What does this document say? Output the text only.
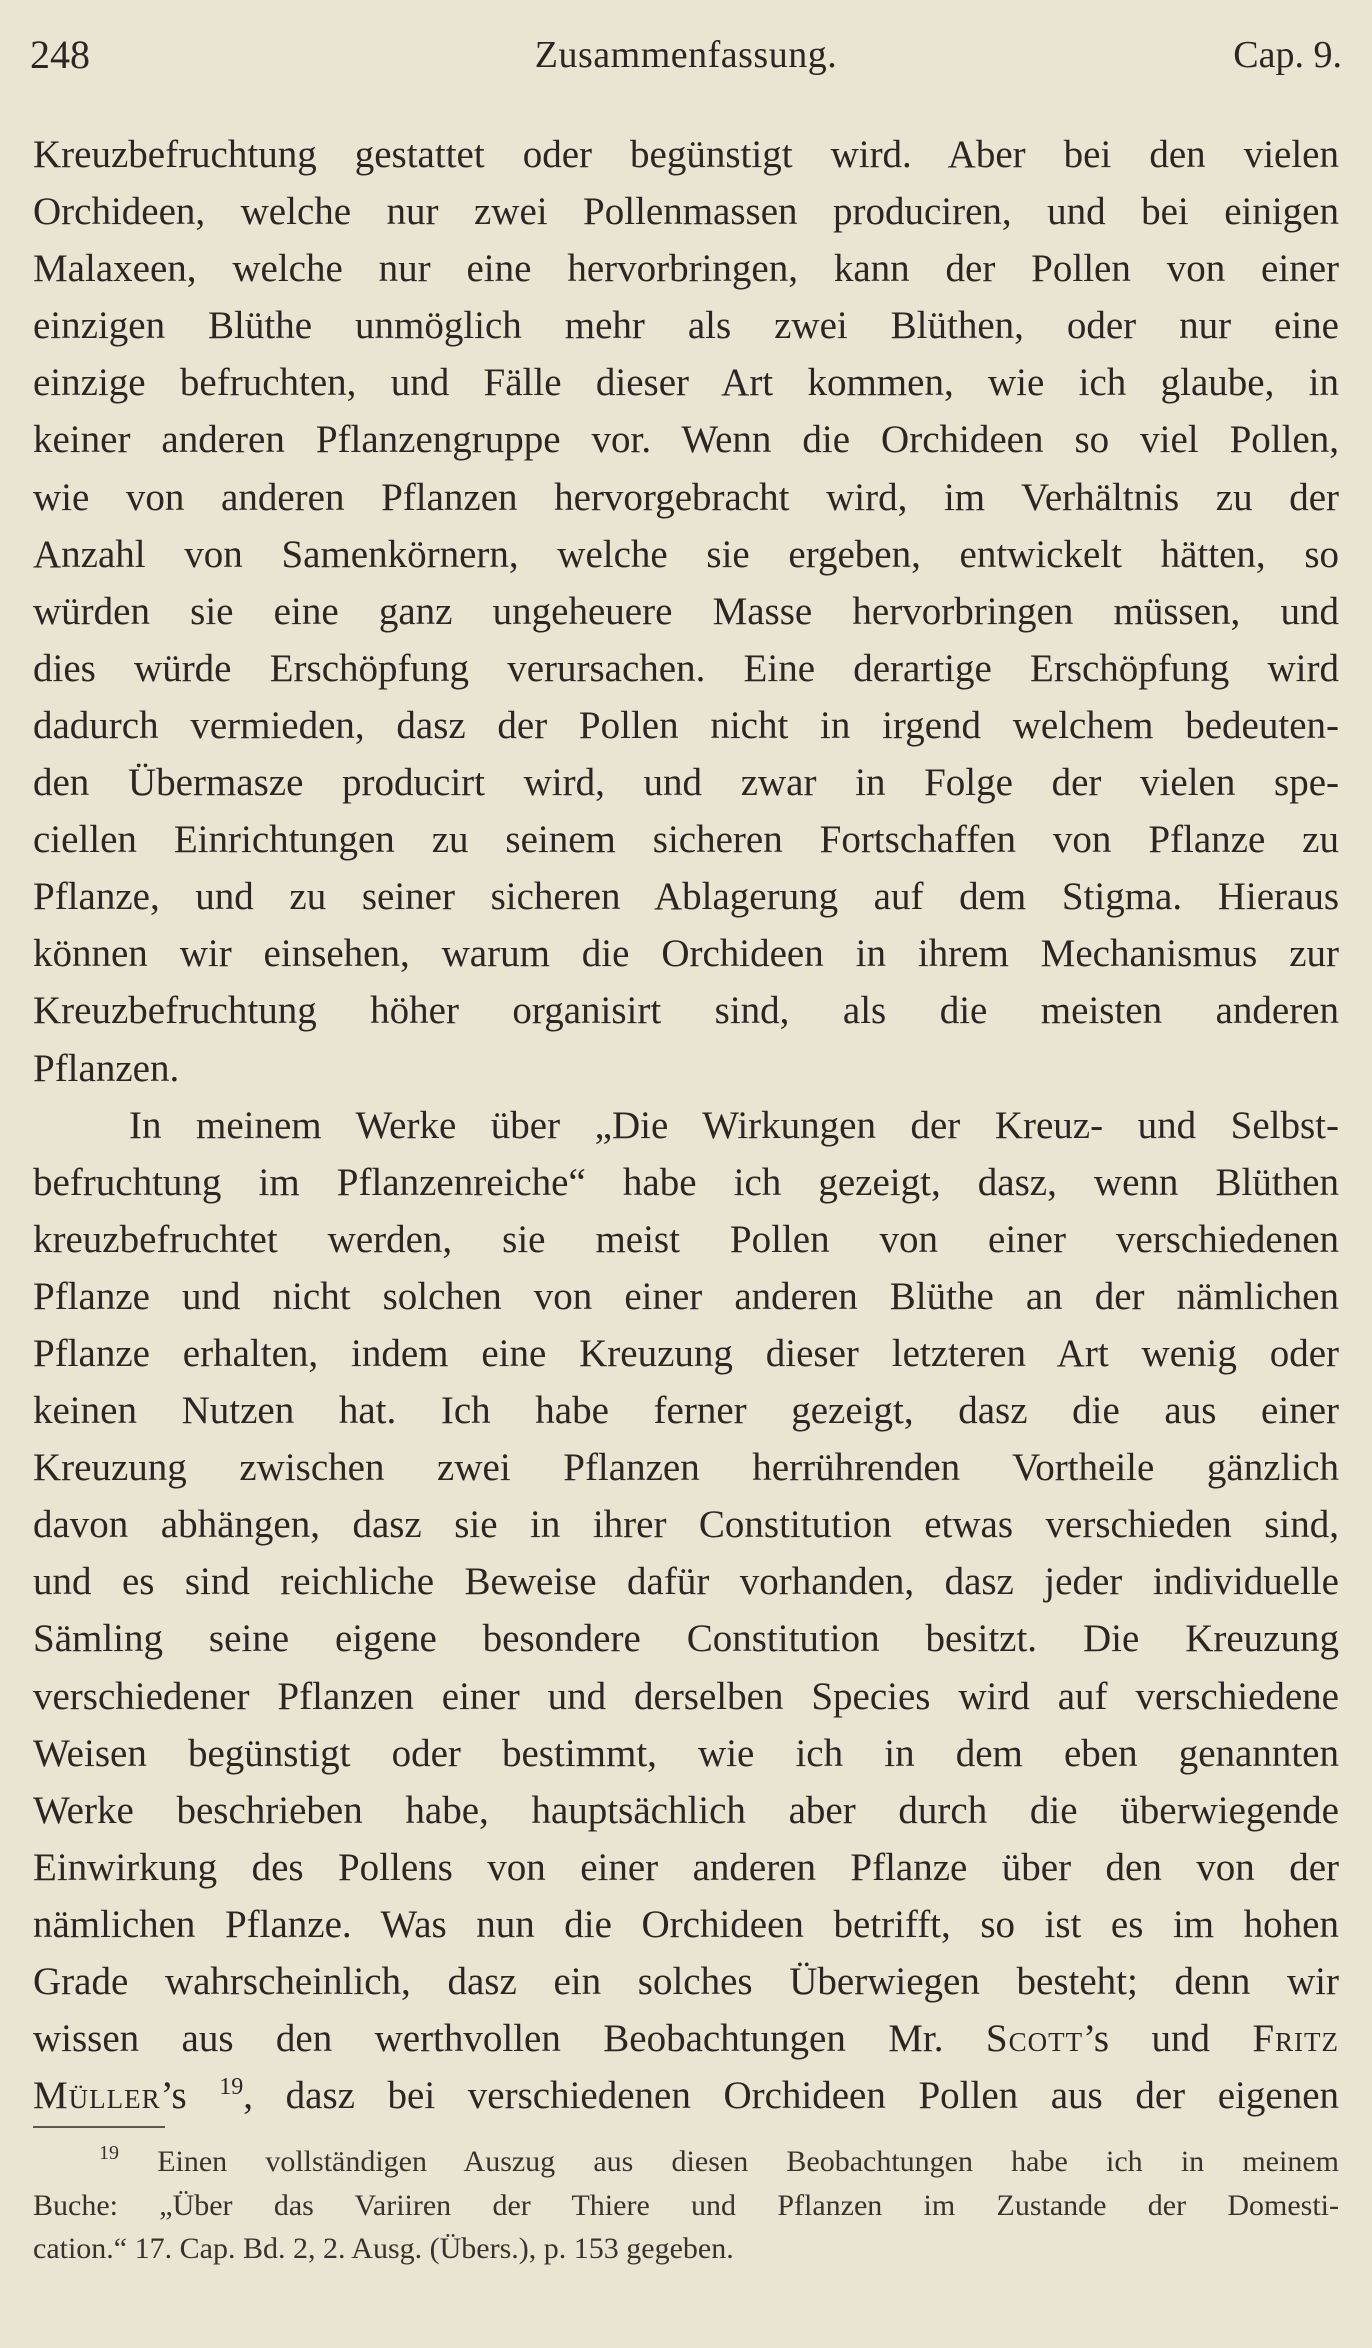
248	Zusammenfassung.	Cap. 9.
Kreuzbefruchtung gestattet oder begünstigt wird. Aber bei den vielen
Orchideen, welche nur zwei Pollenmassen produciren, und bei einigen
Malaxeen, welche nur eine hervorbringen, kann der Pollen von einer
einzigen Blüthe unmöglich mehr als zwei Blüthen, oder nur eine
einzige befruchten, und Fälle dieser Art kommen, wie ich glaube, in
keiner anderen Pflanzengruppe vor. Wenn die Orchideen so viel Pollen,
wie von anderen Pflanzen hervorgebracht wird, im Verhältnis zu der
Anzahl von Samenkörnern, welche sie ergeben, entwickelt hätten, so
würden sie eine ganz ungeheuere Masse hervorbringen müssen, und
dies würde Erschöpfung verursachen. Eine derartige Erschöpfung wird
dadurch vermieden, dasz der Pollen nicht in irgend welchem bedeuten-
den Übermasze producirt wird, und zwar in Folge der vielen spe-
ciellen Einrichtungen zu seinem sicheren Fortschaffen von Pflanze zu
Pflanze, und zu seiner sicheren Ablagerung auf dem Stigma. Hieraus
können wir einsehen, warum die Orchideen in ihrem Mechanismus zur
Kreuzbefruchtung höher organisirt sind, als die meisten anderen
Pflanzen.
In meinem Werke über „Die Wirkungen der Kreuz- und Selbst-
befruchtung im Pflanzenreiche“ habe ich gezeigt, dasz, wenn Blüthen
kreuzbefruchtet werden, sie meist Pollen von einer verschiedenen
Pflanze und nicht solchen von einer anderen Blüthe an der nämlichen
Pflanze erhalten, indem eine Kreuzung dieser letzteren Art wenig oder
keinen Nutzen hat. Ich habe ferner gezeigt, dasz die aus einer
Kreuzung zwischen zwei Pflanzen herrührenden Vortheile gänzlich
davon abhängen, dasz sie in ihrer Constitution etwas verschieden sind,
und es sind reichliche Beweise dafür vorhanden, dasz jeder individuelle
Sämling seine eigene besondere Constitution besitzt. Die Kreuzung
verschiedener Pflanzen einer und derselben Species wird auf verschiedene
Weisen begünstigt oder bestimmt, wie ich in dem eben genannten
Werke beschrieben habe, hauptsächlich aber durch die überwiegende
Einwirkung des Pollens von einer anderen Pflanze über den von der
nämlichen Pflanze. Was nun die Orchideen betrifft, so ist es im hohen
Grade wahrscheinlich, dasz ein solches Überwiegen besteht; denn wir
wissen aus den werthvollen Beobachtungen Mr. Scott’s und Fritz
Müller’s $^{19}$, dasz bei verschiedenen Orchideen Pollen aus der eigenen
$^{19}$ Einen vollständigen Auszug aus diesen Beobachtungen habe ich in meinem
Buche: „Über das Variiren der Thiere und Pflanzen im Zustande der Domesti-
cation.“ 17. Cap. Bd. 2, 2. Ausg. (Übers.), p. 153 gegeben.
